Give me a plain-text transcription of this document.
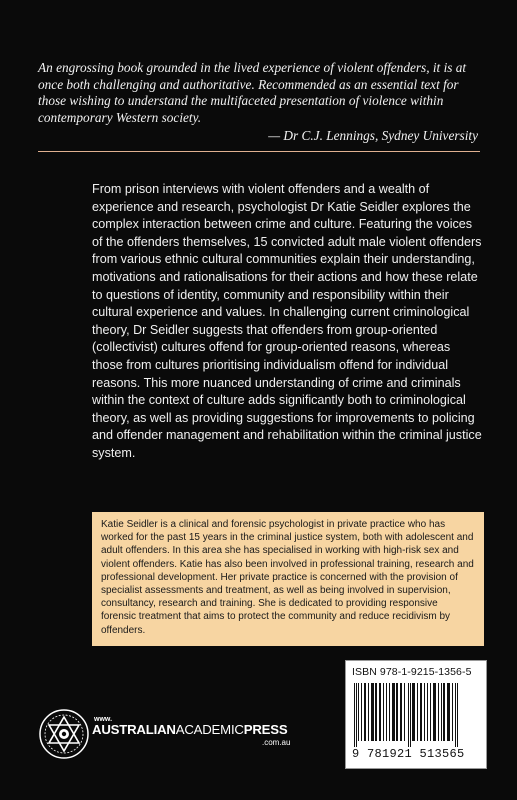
An engrossing book grounded in the lived experience of violent offenders, it is at once both challenging and authoritative. Recommended as an essential text for those wishing to understand the multifaceted presentation of violence within contemporary Western society.
— Dr C.J. Lennings, Sydney University
From prison interviews with violent offenders and a wealth of experience and research, psychologist Dr Katie Seidler explores the complex interaction between crime and culture. Featuring the voices of the offenders themselves, 15 convicted adult male violent offenders from various ethnic cultural communities explain their understanding, motivations and rationalisations for their actions and how these relate to questions of identity, community and responsibility within their cultural experience and values. In challenging current criminological theory, Dr Seidler suggests that offenders from group-oriented (collectivist) cultures offend for group-oriented reasons, whereas those from cultures prioritising individualism offend for individual reasons. This more nuanced understanding of crime and criminals within the context of culture adds significantly both to criminological theory, as well as providing suggestions for improvements to policing and offender management and rehabilitation within the criminal justice system.
Katie Seidler is a clinical and forensic psychologist in private practice who has worked for the past 15 years in the criminal justice system, both with adolescent and adult offenders. In this area she has specialised in working with high-risk sex and violent offenders. Katie has also been involved in professional training, research and professional development. Her private practice is concerned with the provision of specialist assessments and treatment, as well as being involved in supervision, consultancy, research and training. She is dedicated to providing responsive forensic treatment that aims to protect the community and reduce recidivism by offenders.
ISBN 978-1-9215-1356-5
9 781921 513565
www.
AUSTRALIANACADEMICPRESS
.com.au
